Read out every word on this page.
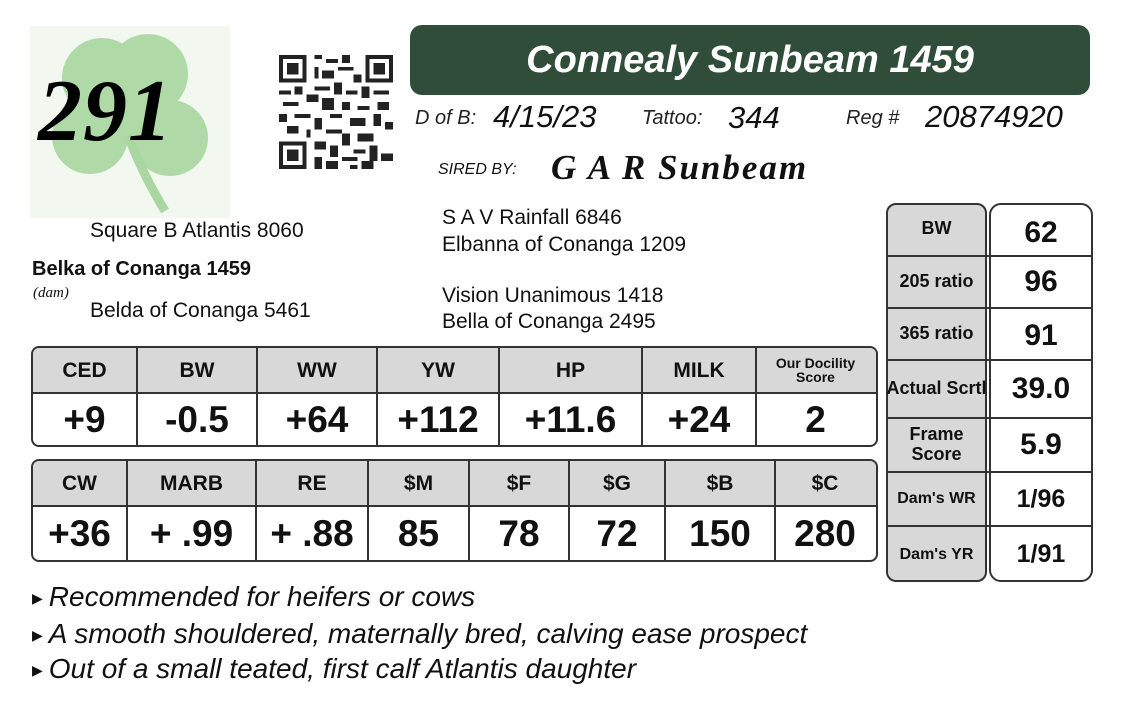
291
Connealy Sunbeam 1459
D of B: 4/15/23 Tattoo: 344	Reg # 20874920
SIRED BY: G A R Sunbeam
Square B Atlantis 8060
Belka of Conanga 1459
(dam)
Belda of Conanga 5461
S A V Rainfall 6846
Elbanna of Conanga 1209
Vision Unanimous 1418
Bella of Conanga 2495
CED	BW	WW	YW	HP	MILK	Our Docility Score
+9	-0.5	+64	+112	+11.6	+24	2
CW	MARB	RE	$M	$F	$G	$B	$C
+36	+ .99	+ .88	85	78	72	150	280
BW	62
205 ratio	96
365 ratio	91
Actual Scrtl 39.0
Frame Score	5.9
Dam's WR	1/96
Dam's YR	1/91
▶ Recommended for heifers or cows
▶ A smooth shouldered, maternally bred, calving ease prospect
▶ Out of a small teated, first calf Atlantis daughter
